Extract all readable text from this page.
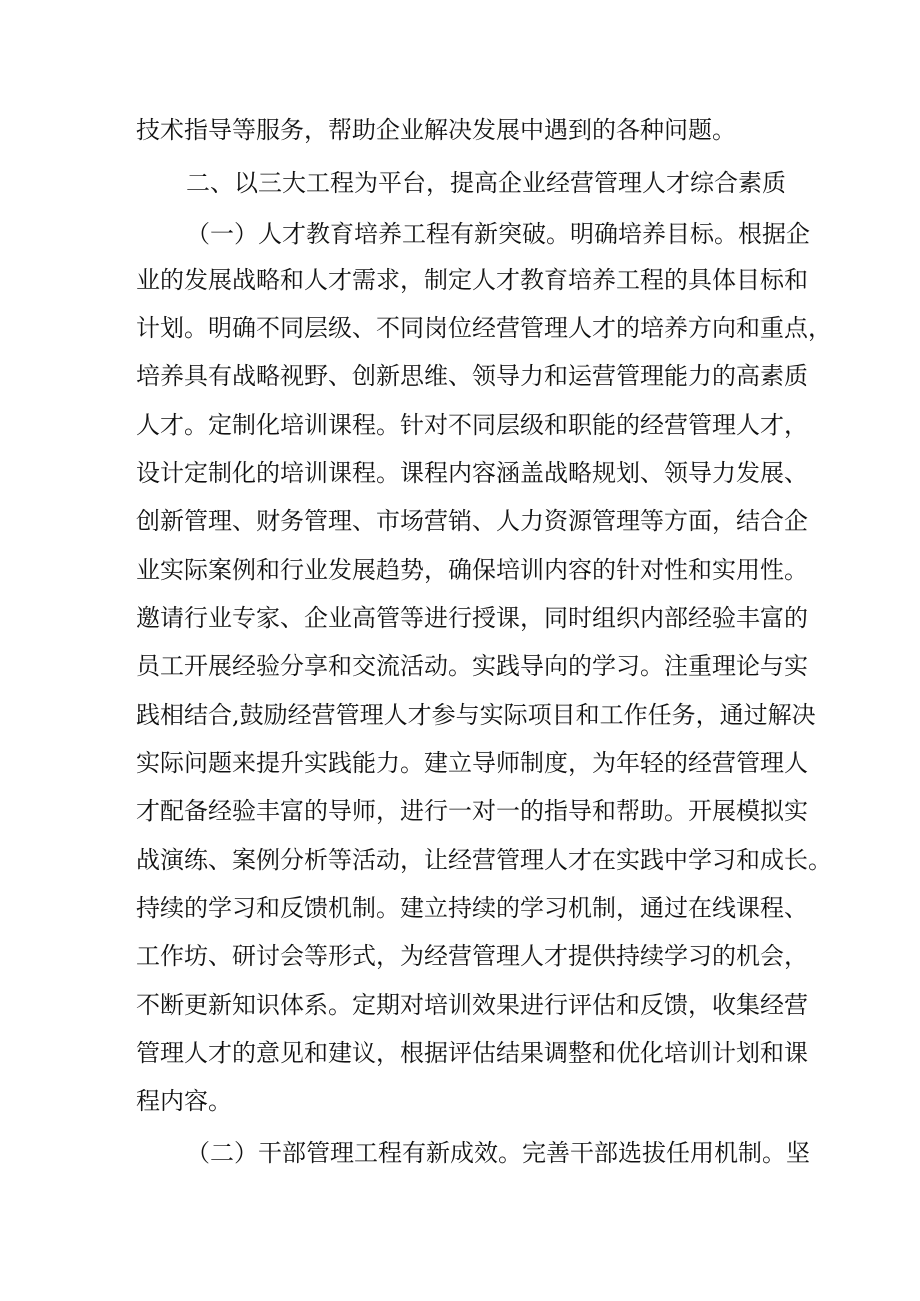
技术指导等服务，帮助企业解决发展中遇到的各种问题。

二、以三大工程为平台，提高企业经营管理人才综合素质

（一）人才教育培养工程有新突破。明确培养目标。根据企

业的发展战略和人才需求，制定人才教育培养工程的具体目标和

计划。明确不同层级、不同岗位经营管理人才的培养方向和重点，

培养具有战略视野、创新思维、领导力和运营管理能力的高素质

人才。定制化培训课程。针对不同层级和职能的经营管理人才，

设计定制化的培训课程。课程内容涵盖战略规划、领导力发展、

创新管理、财务管理、市场营销、人力资源管理等方面，结合企

业实际案例和行业发展趋势，确保培训内容的针对性和实用性。

邀请行业专家、企业高管等进行授课，同时组织内部经验丰富的

员工开展经验分享和交流活动。实践导向的学习。注重理论与实

践相结合,鼓励经营管理人才参与实际项目和工作任务，通过解决

实际问题来提升实践能力。建立导师制度，为年轻的经营管理人

才配备经验丰富的导师，进行一对一的指导和帮助。开展模拟实

战演练、案例分析等活动，让经营管理人才在实践中学习和成长。

持续的学习和反馈机制。建立持续的学习机制，通过在线课程、

工作坊、研讨会等形式，为经营管理人才提供持续学习的机会，

不断更新知识体系。定期对培训效果进行评估和反馈，收集经营

管理人才的意见和建议，根据评估结果调整和优化培训计划和课

程内容。

（二）干部管理工程有新成效。完善干部选拔任用机制。坚
